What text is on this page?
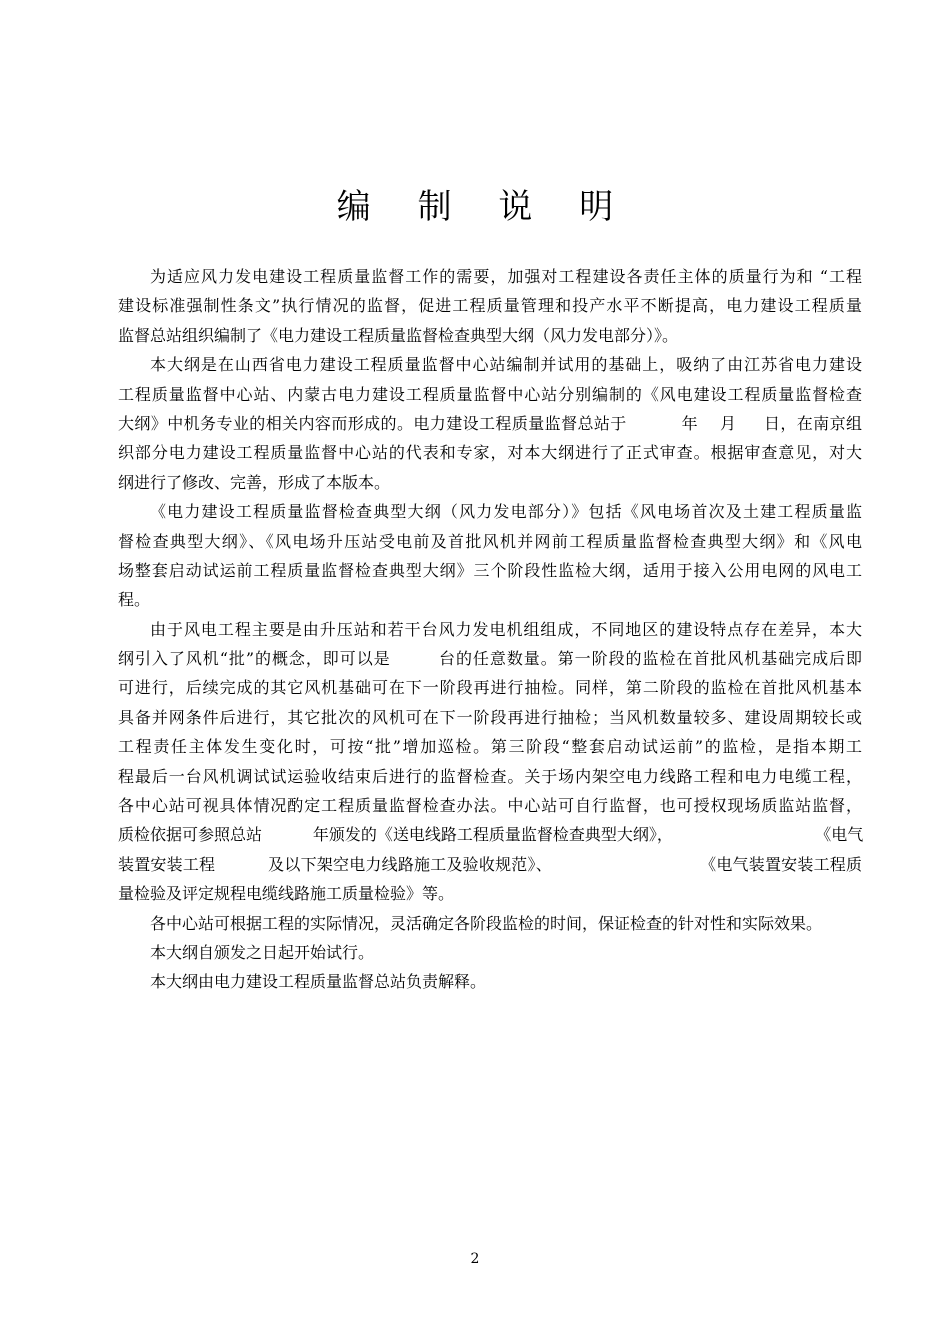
编 制 说 明
为适应风力发电建设工程质量监督工作的需要，加强对工程建设各责任主体的质量行为和 “工程
建设标准强制性条文”执行情况的监督，促进工程质量管理和投产水平不断提高，电力建设工程质量
监督总站组织编制了《电力建设工程质量监督检查典型大纲（风力发电部分）》。
本大纲是在山西省电力建设工程质量监督中心站编制并试用的基础上，吸纳了由江苏省电力建设
工程质量监督中心站、内蒙古电力建设工程质量监督中心站分别编制的《风电建设工程质量监督检查
大纲》中机务专业的相关内容而形成的。电力建设工程质量监督总站于          年    月     日，在南京组
织部分电力建设工程质量监督中心站的代表和专家，对本大纲进行了正式审查。根据审查意见，对大
纲进行了修改、完善，形成了本版本。
《电力建设工程质量监督检查典型大纲（风力发电部分）》包括《风电场首次及土建工程质量监
督检查典型大纲》、《风电场升压站受电前及首批风机并网前工程质量监督检查典型大纲》和《风电
场整套启动试运前工程质量监督检查典型大纲》三个阶段性监检大纲，适用于接入公用电网的风电工
程。
由于风电工程主要是由升压站和若干台风力发电机组组成，不同地区的建设特点存在差异，本大
纲引入了风机“批”的概念，即可以是        台的任意数量。第一阶段的监检在首批风机基础完成后即
可进行，后续完成的其它风机基础可在下一阶段再进行抽检。同样，第二阶段的监检在首批风机基本
具备并网条件后进行，其它批次的风机可在下一阶段再进行抽检；当风机数量较多、建设周期较长或
工程责任主体发生变化时，可按“批”增加巡检。第三阶段“整套启动试运前”的监检，是指本期工
程最后一台风机调试试运验收结束后进行的监督检查。关于场内架空电力线路工程和电力电缆工程，
各中心站可视具体情况酌定工程质量监督检查办法。中心站可自行监督，也可授权现场质监站监督，
质检依据可参照总站          年颁发的《送电线路工程质量监督检查典型大纲》，                            《电气
装置安装工程          及以下架空电力线路施工及验收规范》、                            《电气装置安装工程质
量检验及评定规程电缆线路施工质量检验》等。
各中心站可根据工程的实际情况，灵活确定各阶段监检的时间，保证检查的针对性和实际效果。
本大纲自颁发之日起开始试行。
本大纲由电力建设工程质量监督总站负责解释。
2
